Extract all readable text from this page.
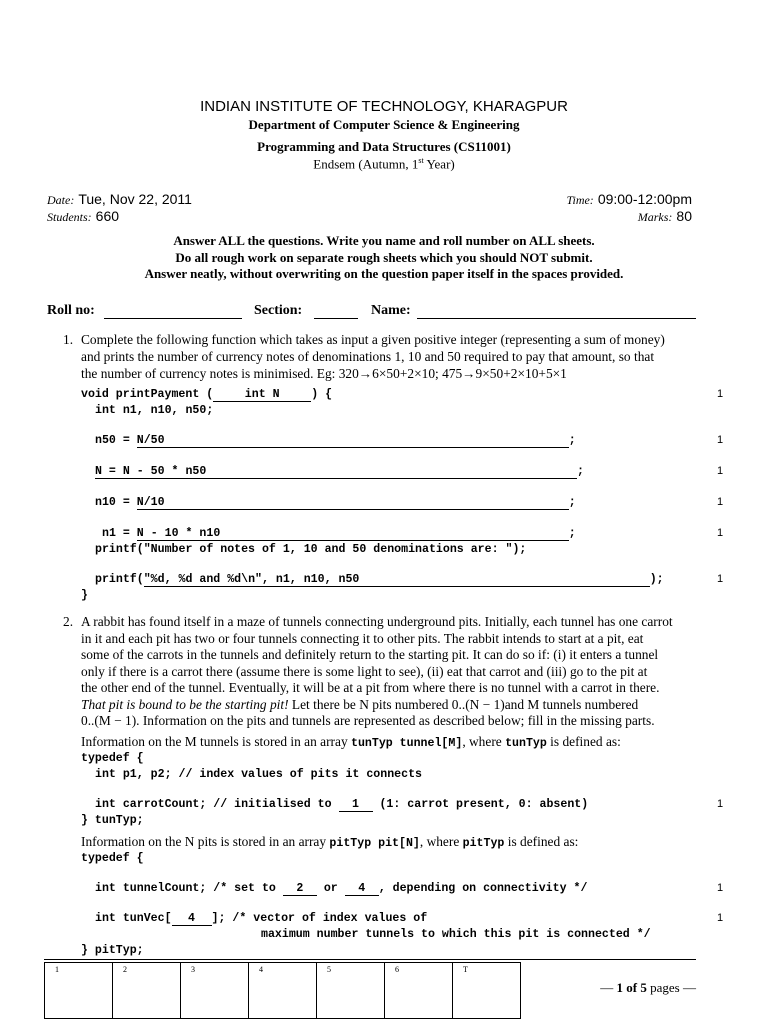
INDIAN INSTITUTE OF TECHNOLOGY, KHARAGPUR
Department of Computer Science & Engineering
Programming and Data Structures (CS11001)
Endsem (Autumn, 1st Year)
Date: Tue, Nov 22, 2011
Students: 660
Time: 09:00-12:00pm
Marks: 80
Answer ALL the questions. Write you name and roll number on ALL sheets.
Do all rough work on separate rough sheets which you should NOT submit.
Answer neatly, without overwriting on the question paper itself in the spaces provided.
Roll no:	Section:	Name:
1. Complete the following function which takes as input a given positive integer (representing a sum of money)
and prints the number of currency notes of denominations 1, 10 and 50 required to pay that amount, so that
the number of currency notes is minimised. Eg: 320→6×50+2×10; 475→9×50+2×10+5×1
void printPayment (	int N	) {	1
int n1, n10, n50;
n50 = N/50	;	1
N = N - 50 * n50	;	1
n10 = N/10	;	1
n1 = N - 10 * n10	;	1
printf("Number of notes of 1, 10 and 50 denominations are: ");
printf("%d, %d and %d\n", n1, n10, n50	);	1
}
2. A rabbit has found itself in a maze of tunnels connecting underground pits. Initially, each tunnel has one carrot
in it and each pit has two or four tunnels connecting it to other pits. The rabbit intends to start at a pit, eat
some of the carrots in the tunnels and definitely return to the starting pit. It can do so if: (i) it enters a tunnel
only if there is a carrot there (assume there is some light to see), (ii) eat that carrot and (iii) go to the pit at
the other end of the tunnel. Eventually, it will be at a pit from where there is no tunnel with a carrot in there.
That pit is bound to be the starting pit! Let there be N pits numbered 0..(N − 1)and M tunnels numbered
0..(M − 1). Information on the pits and tunnels are represented as described below; fill in the missing parts.
Information on the M tunnels is stored in an array tunTyp tunnel[M], where tunTyp is defined as:
typedef {
int p1, p2; // index values of pits it connects
int carrotCount; // initialised to 1 (1: carrot present, 0: absent)	1
} tunTyp;
Information on the N pits is stored in an array pitTyp pit[N], where pitTyp is defined as:
typedef {
int tunnelCount; /* set to 2 or 4 , depending on connectivity */	1
int tunVec[ 4 ]; /* vector of index values of	1
maximum number tunnels to which this pit is connected */
} pitTyp;
1	2	3	4	5	6	T
— 1 of 5 pages —
